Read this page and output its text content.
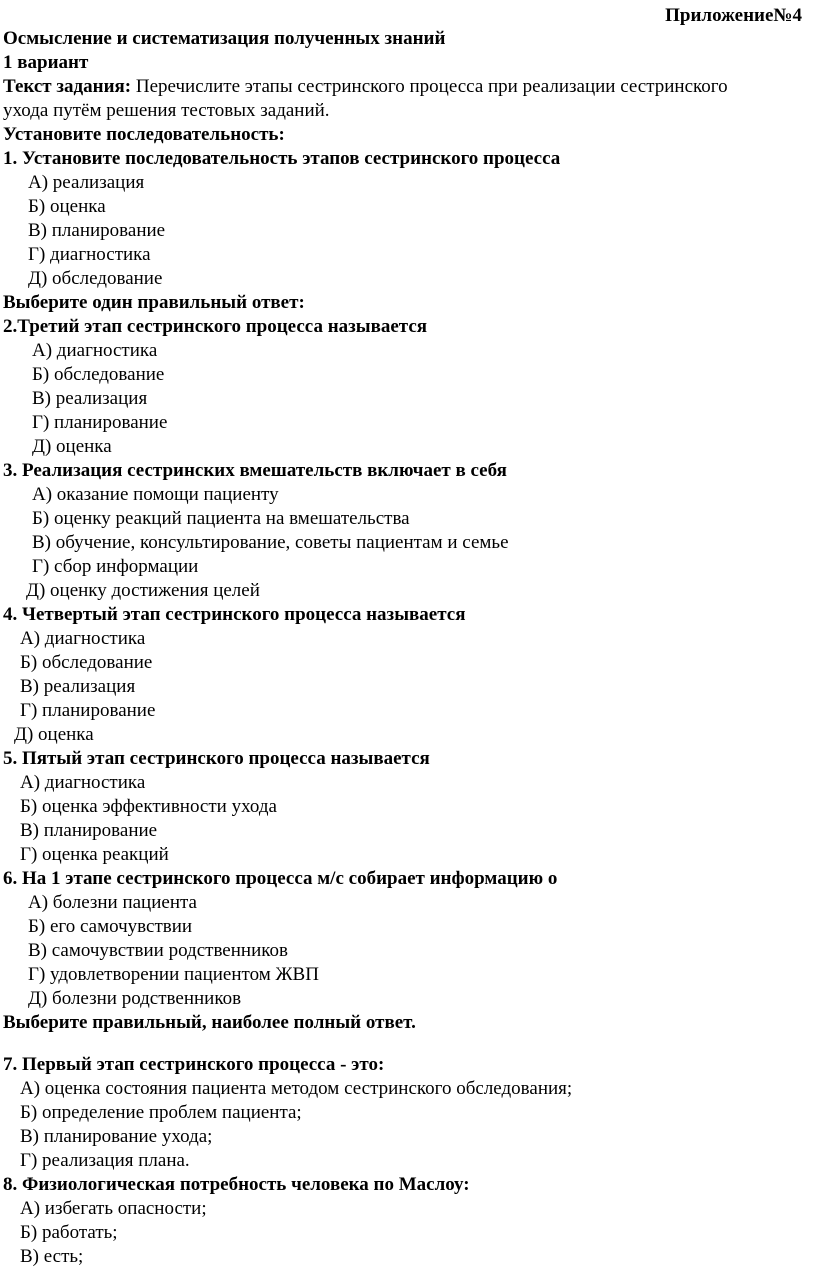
Приложение№4
Осмысление и систематизация полученных знаний
1 вариант
Текст задания: Перечислите этапы сестринского процесса при реализации сестринского
ухода путём решения тестовых заданий.
Установите последовательность:
1. Установите последовательность этапов сестринского процесса
А) реализация
Б) оценка
В) планирование
Г) диагностика
Д) обследование
Выберите один правильный ответ:
2.Третий этап сестринского процесса называется
А) диагностика
Б) обследование
В) реализация
Г) планирование
Д) оценка
3. Реализация сестринских вмешательств включает в себя
А) оказание помощи пациенту
Б) оценку реакций пациента на вмешательства
В) обучение, консультирование, советы пациентам и семье
Г) сбор информации
Д) оценку достижения целей
4. Четвертый этап сестринского процесса называется
А) диагностика
Б) обследование
В) реализация
Г) планирование
Д) оценка
5. Пятый этап сестринского процесса называется
А) диагностика
Б) оценка эффективности ухода
В) планирование
Г) оценка реакций
6. На 1 этапе сестринского процесса м/с собирает информацию о
А) болезни пациента
Б) его самочувствии
В) самочувствии родственников
Г) удовлетворении пациентом ЖВП
Д) болезни родственников
Выберите правильный, наиболее полный ответ.
7. Первый этап сестринского процесса - это:
А) оценка состояния пациента методом сестринского обследования;
Б) определение проблем пациента;
В) планирование ухода;
Г) реализация плана.
8. Физиологическая потребность человека по Маслоу:
А) избегать опасности;
Б) работать;
В) есть;
